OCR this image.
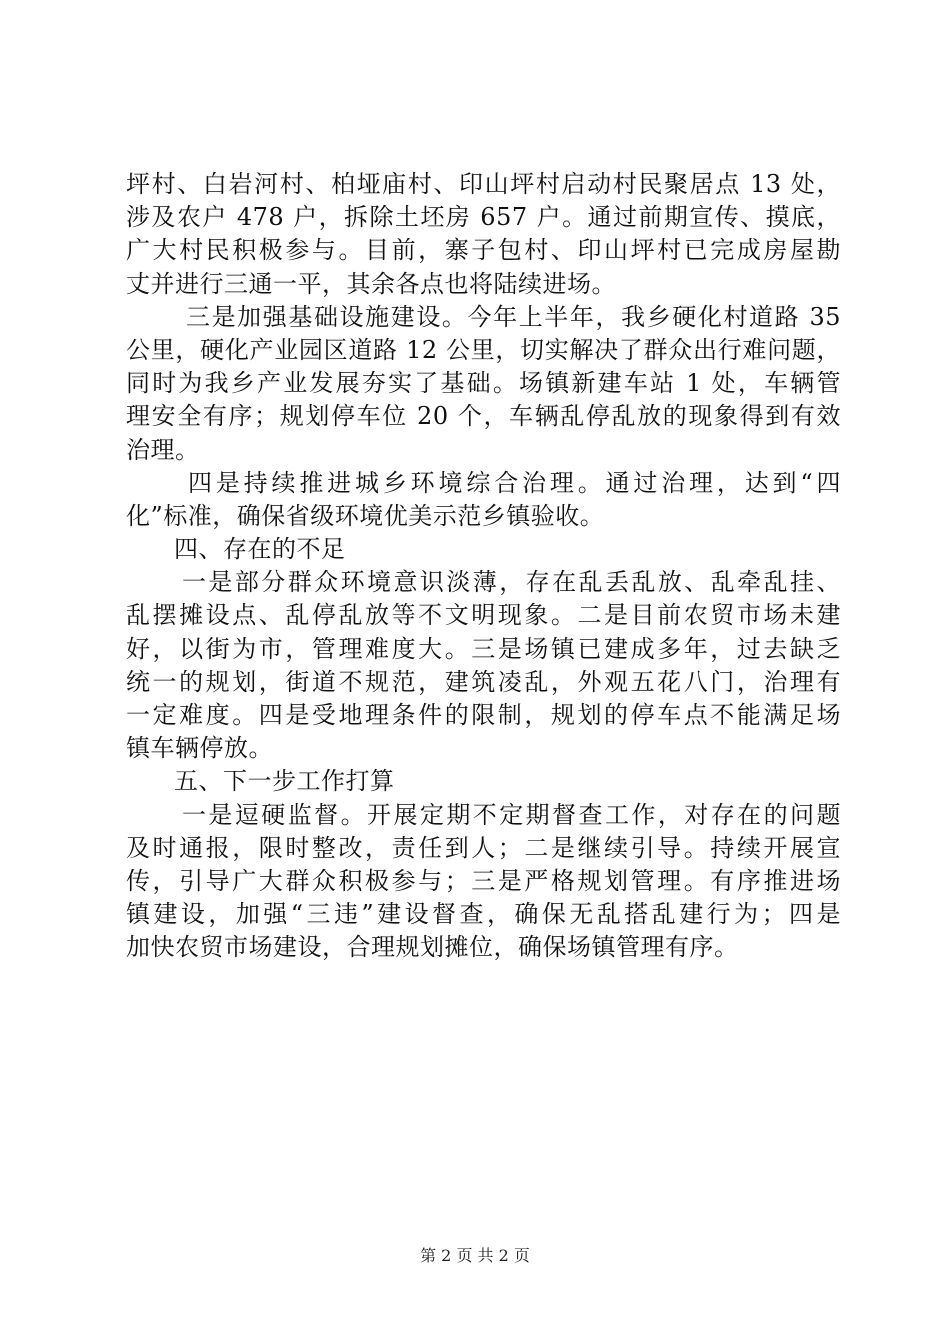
坪村、白岩河村、柏垭庙村、印山坪村启动村民聚居点 13 处，
涉及农户 478 户，拆除土坯房 657 户。通过前期宣传、摸底，
广大村民积极参与。目前，寨子包村、印山坪村已完成房屋勘
丈并进行三通一平，其余各点也将陆续进场。
三是加强基础设施建设。今年上半年，我乡硬化村道路 35
公里，硬化产业园区道路 12 公里，切实解决了群众出行难问题，
同时为我乡产业发展夯实了基础。场镇新建车站 1 处，车辆管
理安全有序；规划停车位 20 个，车辆乱停乱放的现象得到有效
治理。
四是持续推进城乡环境综合治理。通过治理，达到“四
化”标准，确保省级环境优美示范乡镇验收。
四、存在的不足
一是部分群众环境意识淡薄，存在乱丢乱放、乱牵乱挂、
乱摆摊设点、乱停乱放等不文明现象。二是目前农贸市场未建
好，以街为市，管理难度大。三是场镇已建成多年，过去缺乏
统一的规划，街道不规范，建筑凌乱，外观五花八门，治理有
一定难度。四是受地理条件的限制，规划的停车点不能满足场
镇车辆停放。
五、下一步工作打算
一是逗硬监督。开展定期不定期督查工作，对存在的问题
及时通报，限时整改，责任到人；二是继续引导。持续开展宣
传，引导广大群众积极参与；三是严格规划管理。有序推进场
镇建设，加强“三违”建设督查，确保无乱搭乱建行为；四是
加快农贸市场建设，合理规划摊位，确保场镇管理有序。
第 2 页 共 2 页
